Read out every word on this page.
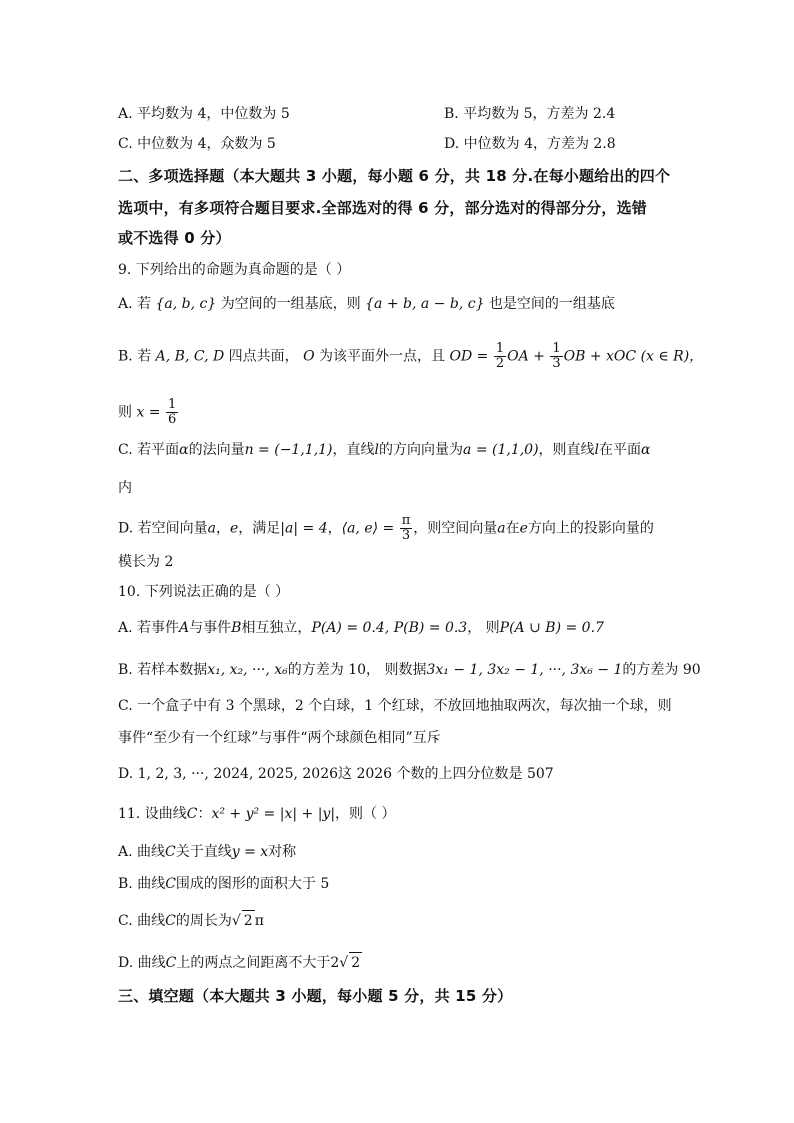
A. 平均数为 4，中位数为 5	B. 平均数为 5，方差为 2.4
C. 中位数为 4，众数为 5	D. 中位数为 4，方差为 2.8
二、多项选择题（本大题共 3 小题，每小题 6 分，共 18 分.在每小题给出的四个
选项中，有多项符合题目要求.全部选对的得 6 分，部分选对的得部分分，选错
或不选得 0 分）
9. 下列给出的命题为真命题的是（ ）
A. 若 {a, b, c} 为空间的一组基底，则 {a + b, a − b, c} 也是空间的一组基底
B. 若 A, B, C, D 四点共面， O 为该平面外一点，且 OD = $\frac{1}{2}$ OA + $\frac{1}{3}$ OB + xOC (x ∈ R)，
则 $x = \frac{1}{6}$
C. 若平面α的法向量n = (−1,1,1)，直线l的方向向量为a = (1,1,0)，则直线l在平面α
内
D. 若空间向量a，e，满足|a| = 4，⟨a, e⟩ = $\frac{\pi}{3}$ ，则空间向量a在e方向上的投影向量的
模长为 2
10. 下列说法正确的是（ ）
A. 若事件A与事件B相互独立，P(A) = 0.4, P(B) = 0.3， 则P(A ∪ B) = 0.7
B. 若样本数据x₁, x₂, ···, x₆的方差为 10， 则数据3x₁ − 1, 3x₂ − 1, ···, 3x₆ − 1的方差为 90
C. 一个盒子中有 3 个黑球，2 个白球，1 个红球，不放回地抽取两次，每次抽一个球，则
事件“至少有一个红球”与事件“两个球颜色相同”互斥
D. 1, 2, 3, ···, 2024, 2025, 2026这 2026 个数的上四分位数是 507
11. 设曲线C：x² + y² = |x| + |y|，则（ ）
A. 曲线C关于直线y = x对称
B. 曲线C围成的图形的面积大于 5
C. 曲线C的周长为√ 2 π
D. 曲线C上的两点之间距离不大于2√ 2
三、填空题（本大题共 3 小题，每小题 5 分，共 15 分）
